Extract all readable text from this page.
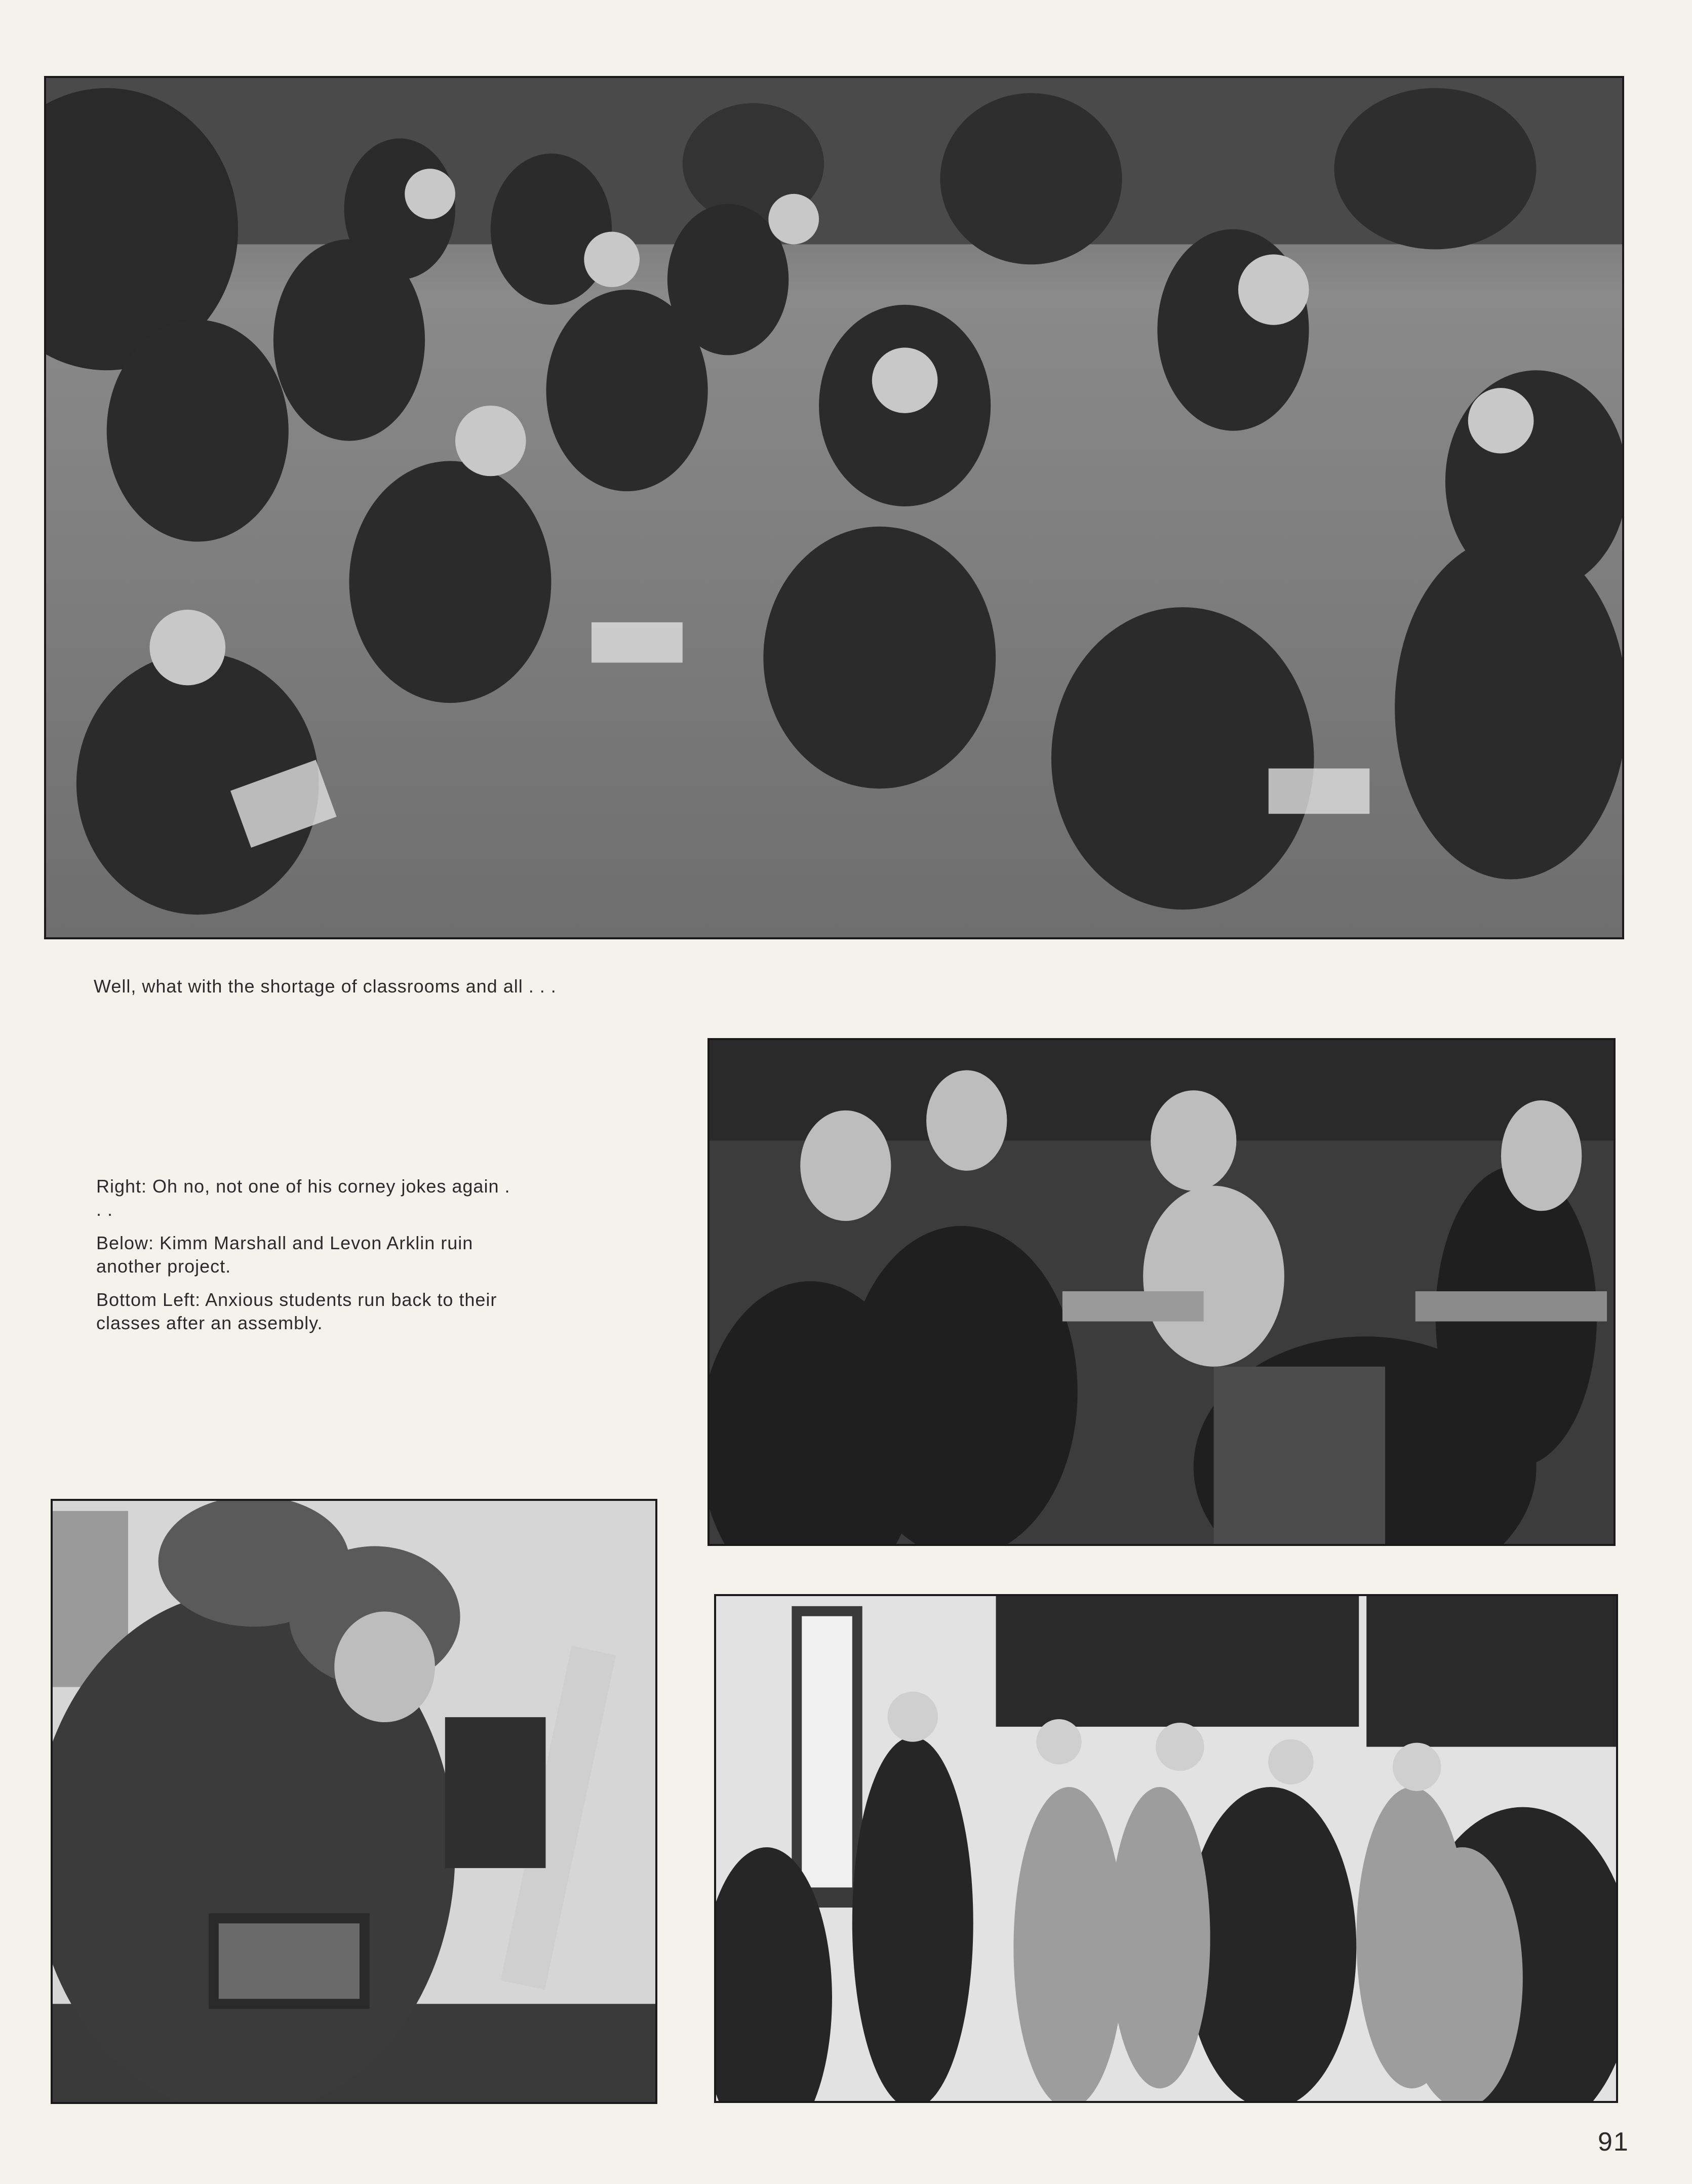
Well, what with the shortage of classrooms and all . . .

Right: Oh no, not one of his corney jokes again . . .

Below: Kimm Marshall and Levon Arklin ruin another project.

Bottom Left: Anxious students run back to their classes after an assembly.

91
